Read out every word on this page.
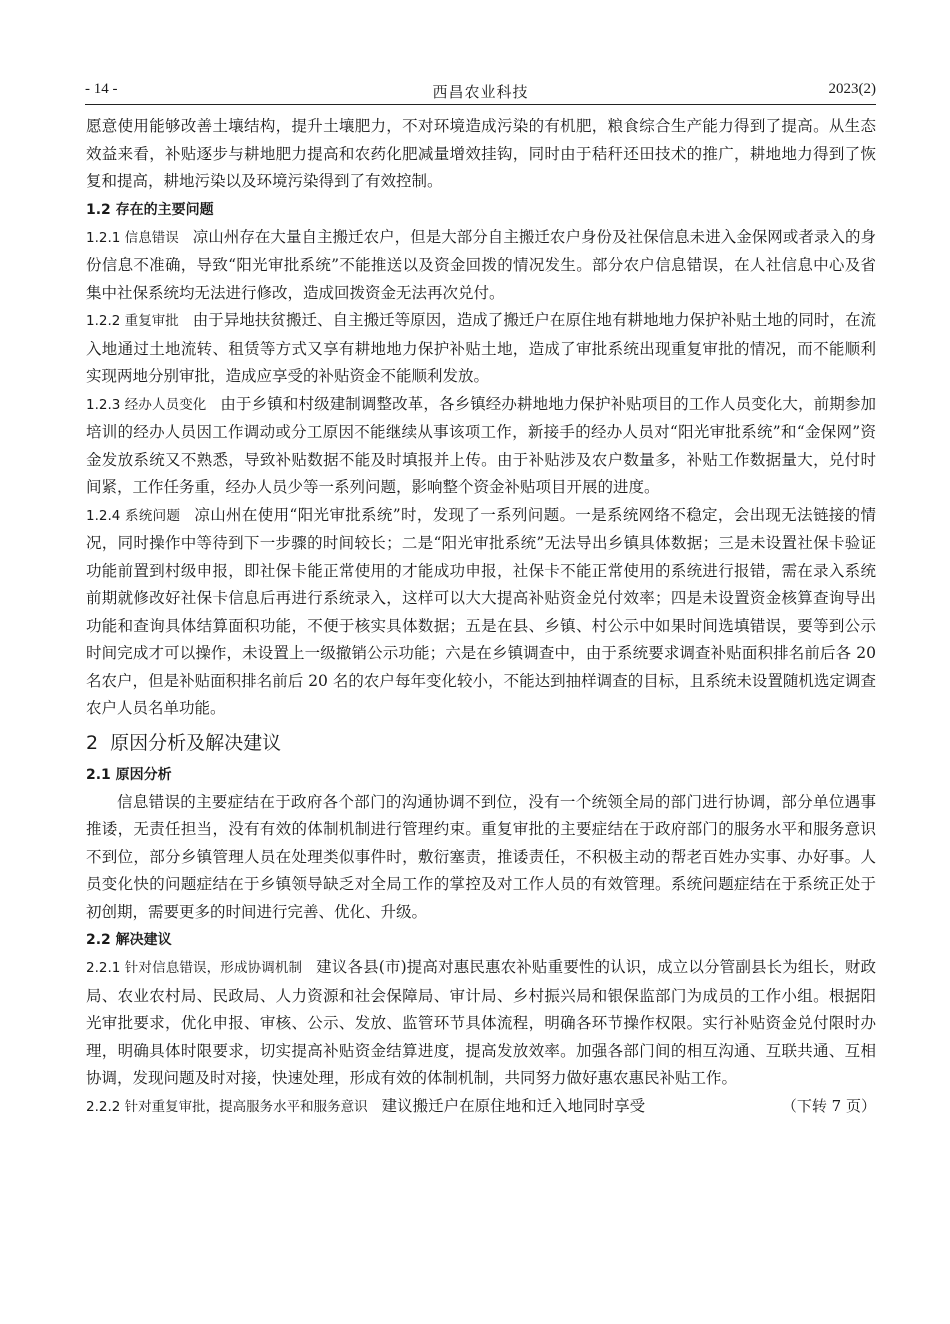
- 14 -	西昌农业科技	2023(2)

愿意使用能够改善土壤结构，提升土壤肥力，不对环境造成污染的有机肥，粮食综合生产能力得到了提高。从生态效益来看，补贴逐步与耕地肥力提高和农药化肥减量增效挂钩，同时由于秸秆还田技术的推广，耕地地力得到了恢复和提高，耕地污染以及环境污染得到了有效控制。

1.2 存在的主要问题

1.2.1 信息错误 凉山州存在大量自主搬迁农户，但是大部分自主搬迁农户身份及社保信息未进入金保网或者录入的身份信息不准确，导致“阳光审批系统”不能推送以及资金回拨的情况发生。部分农户信息错误，在人社信息中心及省集中社保系统均无法进行修改，造成回拨资金无法再次兑付。

1.2.2 重复审批 由于异地扶贫搬迁、自主搬迁等原因，造成了搬迁户在原住地有耕地地力保护补贴土地的同时，在流入地通过土地流转、租赁等方式又享有耕地地力保护补贴土地，造成了审批系统出现重复审批的情况，而不能顺利实现两地分别审批，造成应享受的补贴资金不能顺利发放。

1.2.3 经办人员变化 由于乡镇和村级建制调整改革，各乡镇经办耕地地力保护补贴项目的工作人员变化大，前期参加培训的经办人员因工作调动或分工原因不能继续从事该项工作，新接手的经办人员对“阳光审批系统”和“金保网”资金发放系统又不熟悉，导致补贴数据不能及时填报并上传。由于补贴涉及农户数量多，补贴工作数据量大，兑付时间紧，工作任务重，经办人员少等一系列问题，影响整个资金补贴项目开展的进度。

1.2.4 系统问题 凉山州在使用“阳光审批系统”时，发现了一系列问题。一是系统网络不稳定，会出现无法链接的情况，同时操作中等待到下一步骤的时间较长；二是“阳光审批系统”无法导出乡镇具体数据；三是未设置社保卡验证功能前置到村级申报，即社保卡能正常使用的才能成功申报，社保卡不能正常使用的系统进行报错，需在录入系统前期就修改好社保卡信息后再进行系统录入，这样可以大大提高补贴资金兑付效率；四是未设置资金核算查询导出功能和查询具体结算面积功能，不便于核实具体数据；五是在县、乡镇、村公示中如果时间选填错误，要等到公示时间完成才可以操作，未设置上一级撤销公示功能；六是在乡镇调查中，由于系统要求调查补贴面积排名前后各 20 名农户，但是补贴面积排名前后 20 名的农户每年变化较小，不能达到抽样调查的目标，且系统未设置随机选定调查农户人员名单功能。

2 原因分析及解决建议
2.1 原因分析

信息错误的主要症结在于政府各个部门的沟通协调不到位，没有一个统领全局的部门进行协调，部分单位遇事推诿，无责任担当，没有有效的体制机制进行管理约束。重复审批的主要症结在于政府部门的服务水平和服务意识不到位，部分乡镇管理人员在处理类似事件时，敷衍塞责，推诿责任，不积极主动的帮老百姓办实事、办好事。人员变化快的问题症结在于乡镇领导缺乏对全局工作的掌控及对工作人员的有效管理。系统问题症结在于系统正处于初创期，需要更多的时间进行完善、优化、升级。

2.2 解决建议

2.2.1 针对信息错误，形成协调机制 建议各县(市)提高对惠民惠农补贴重要性的认识，成立以分管副县长为组长，财政局、农业农村局、民政局、人力资源和社会保障局、审计局、乡村振兴局和银保监部门为成员的工作小组。根据阳光审批要求，优化申报、审核、公示、发放、监管环节具体流程，明确各环节操作权限。实行补贴资金兑付限时办理，明确具体时限要求，切实提高补贴资金结算进度，提高发放效率。加强各部门间的相互沟通、互联共通、互相协调，发现问题及时对接，快速处理，形成有效的体制机制，共同努力做好惠农惠民补贴工作。

（下转 7 页）
2.2.2 针对重复审批，提高服务水平和服务意识 建议搬迁户在原住地和迁入地同时享受
